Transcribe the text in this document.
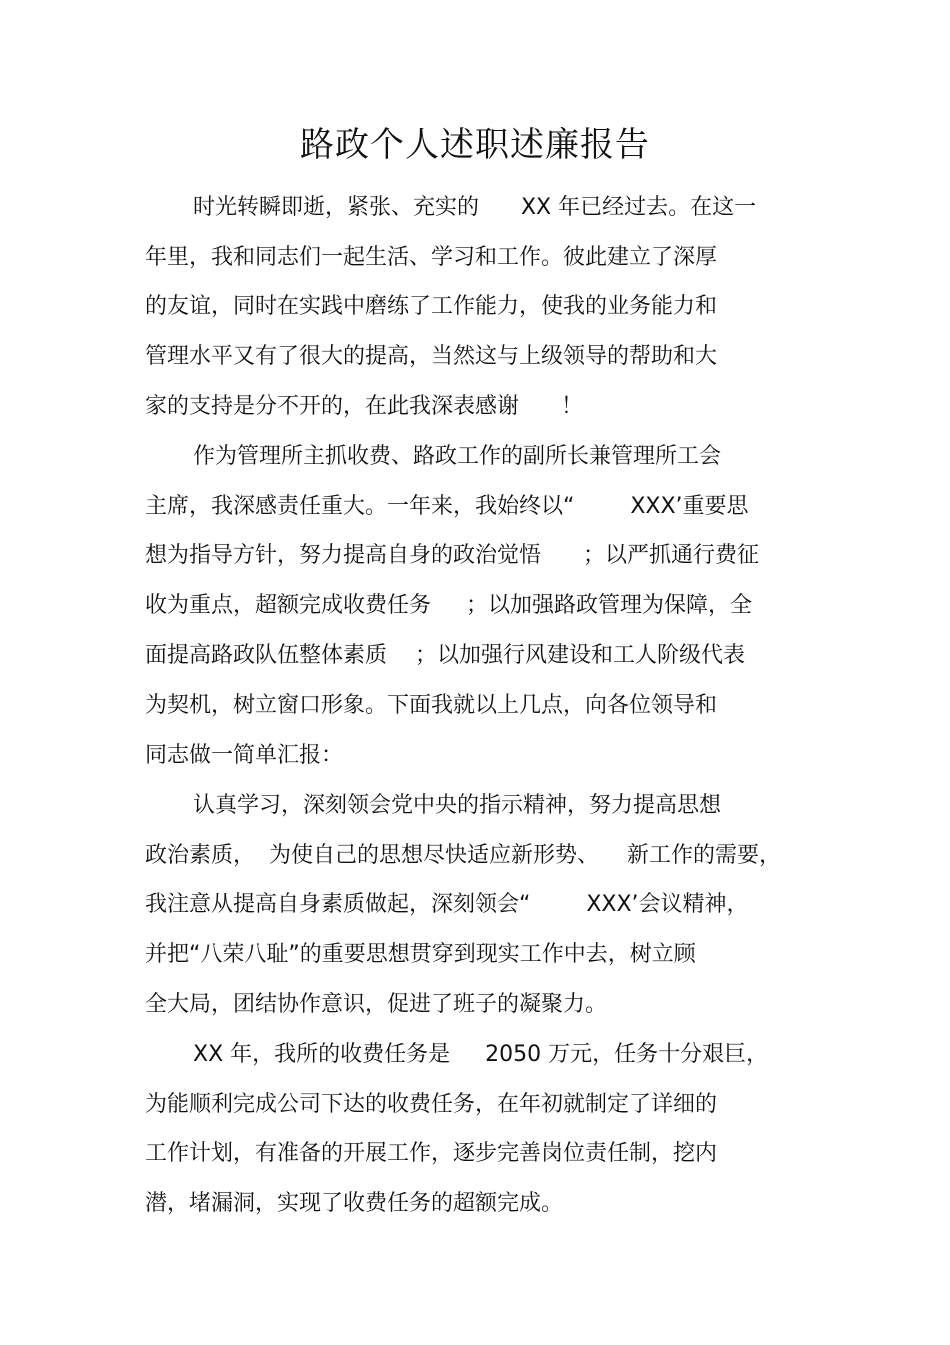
路政个人述职述廉报告
时光转瞬即逝，紧张、充实的      XX 年已经过去。在这一
年里，我和同志们一起生活、学习和工作。彼此建立了深厚
的友谊，同时在实践中磨练了工作能力，使我的业务能力和
管理水平又有了很大的提高，当然这与上级领导的帮助和大
家的支持是分不开的，在此我深表感谢      ！
作为管理所主抓收费、路政工作的副所长兼管理所工会
主席，我深感责任重大。一年来，我始终以“        XXX’重要思
想为指导方针，努力提高自身的政治觉悟      ；以严抓通行费征
收为重点，超额完成收费任务     ；以加强路政管理为保障，全
面提高路政队伍整体素质    ；以加强行风建设和工人阶级代表
为契机，树立窗口形象。下面我就以上几点，向各位领导和
同志做一简单汇报：
认真学习，深刻领会党中央的指示精神，努力提高思想
政治素质，  为使自己的思想尽快适应新形势、    新工作的需要，
我注意从提高自身素质做起，深刻领会“        XXX’会议精神，
并把“八荣八耻”的重要思想贯穿到现实工作中去，树立顾
全大局，团结协作意识，促进了班子的凝聚力。
XX 年，我所的收费任务是     2050 万元，任务十分艰巨，
为能顺利完成公司下达的收费任务，在年初就制定了详细的
工作计划，有准备的开展工作，逐步完善岗位责任制，挖内
潜，堵漏洞，实现了收费任务的超额完成。
